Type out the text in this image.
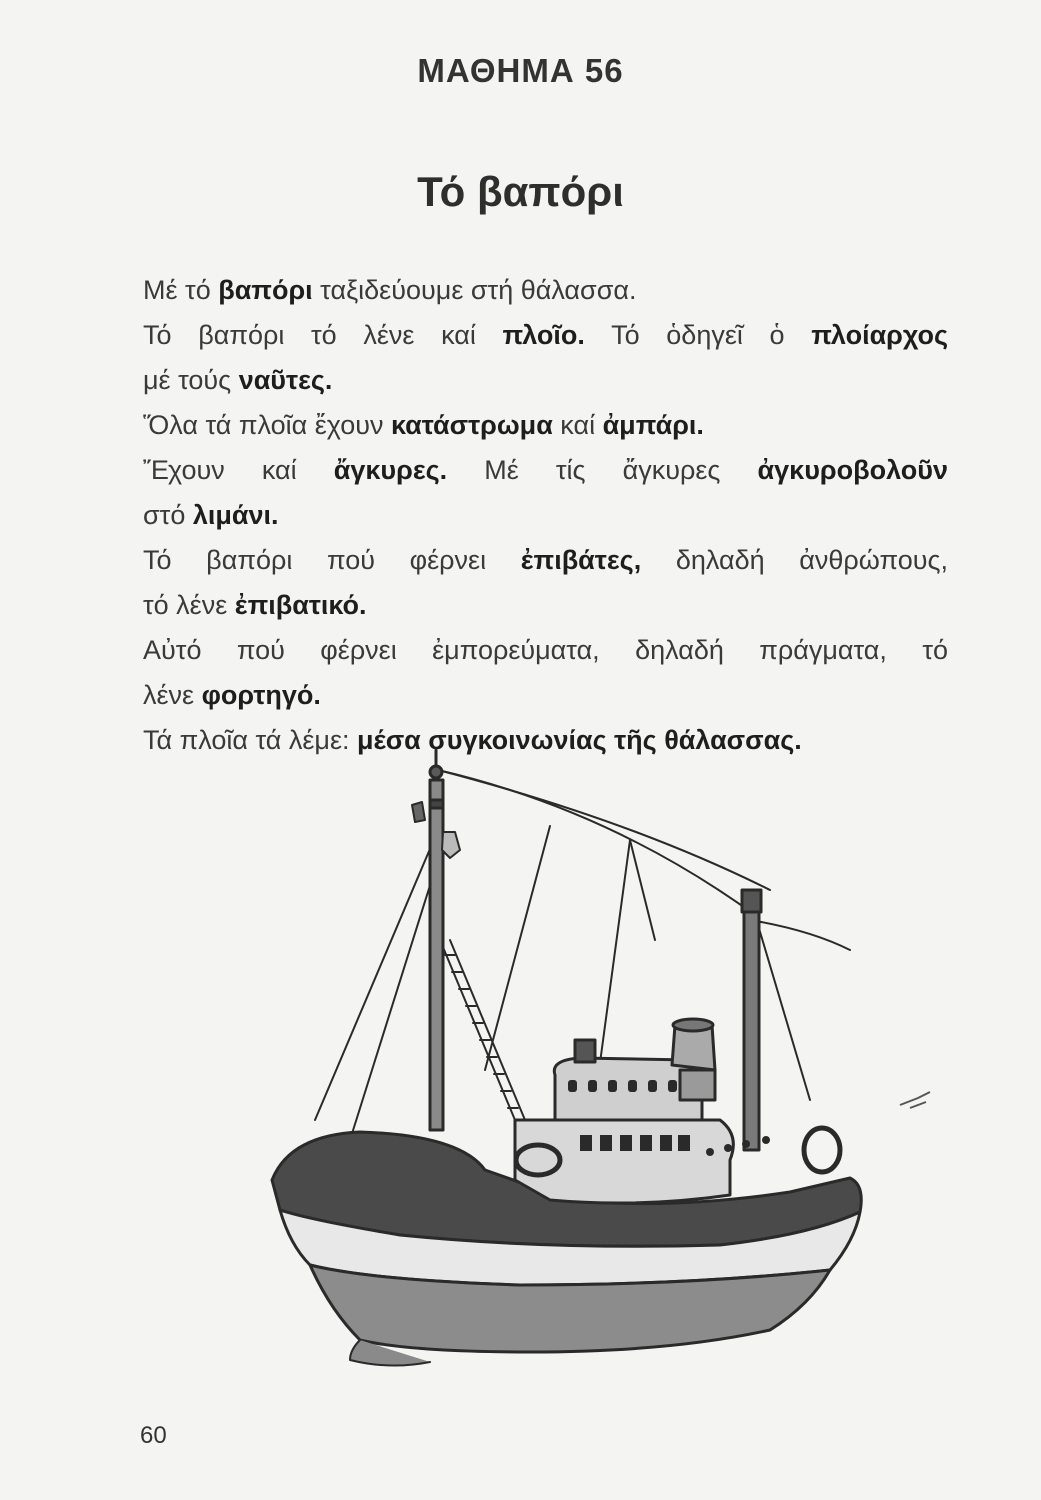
ΜΑΘΗΜΑ 56
Τό βαπόρι
Μέ τό βαπόρι ταξιδεύουμε στή θάλασσα.
Τό βαπόρι τό λένε καί πλοῖο. Τό ὁδηγεῖ ὁ πλοίαρχος
μέ τούς ναῦτες.
Ὅλα τά πλοῖα ἔχουν κατάστρωμα καί ἀμπάρι.
Ἔχουν καί ἄγκυρες. Μέ τίς ἄγκυρες ἀγκυροβολοῦν
στό λιμάνι.
Τό βαπόρι πού φέρνει ἐπιβάτες, δηλαδή ἀνθρώπους,
τό λένε ἐπιβατικό.
Αὐτό πού φέρνει ἐμπορεύματα, δηλαδή πράγματα, τό
λένε φορτηγό.
Τά πλοῖα τά λέμε: μέσα συγκοινωνίας τῆς θάλασσας.
60
